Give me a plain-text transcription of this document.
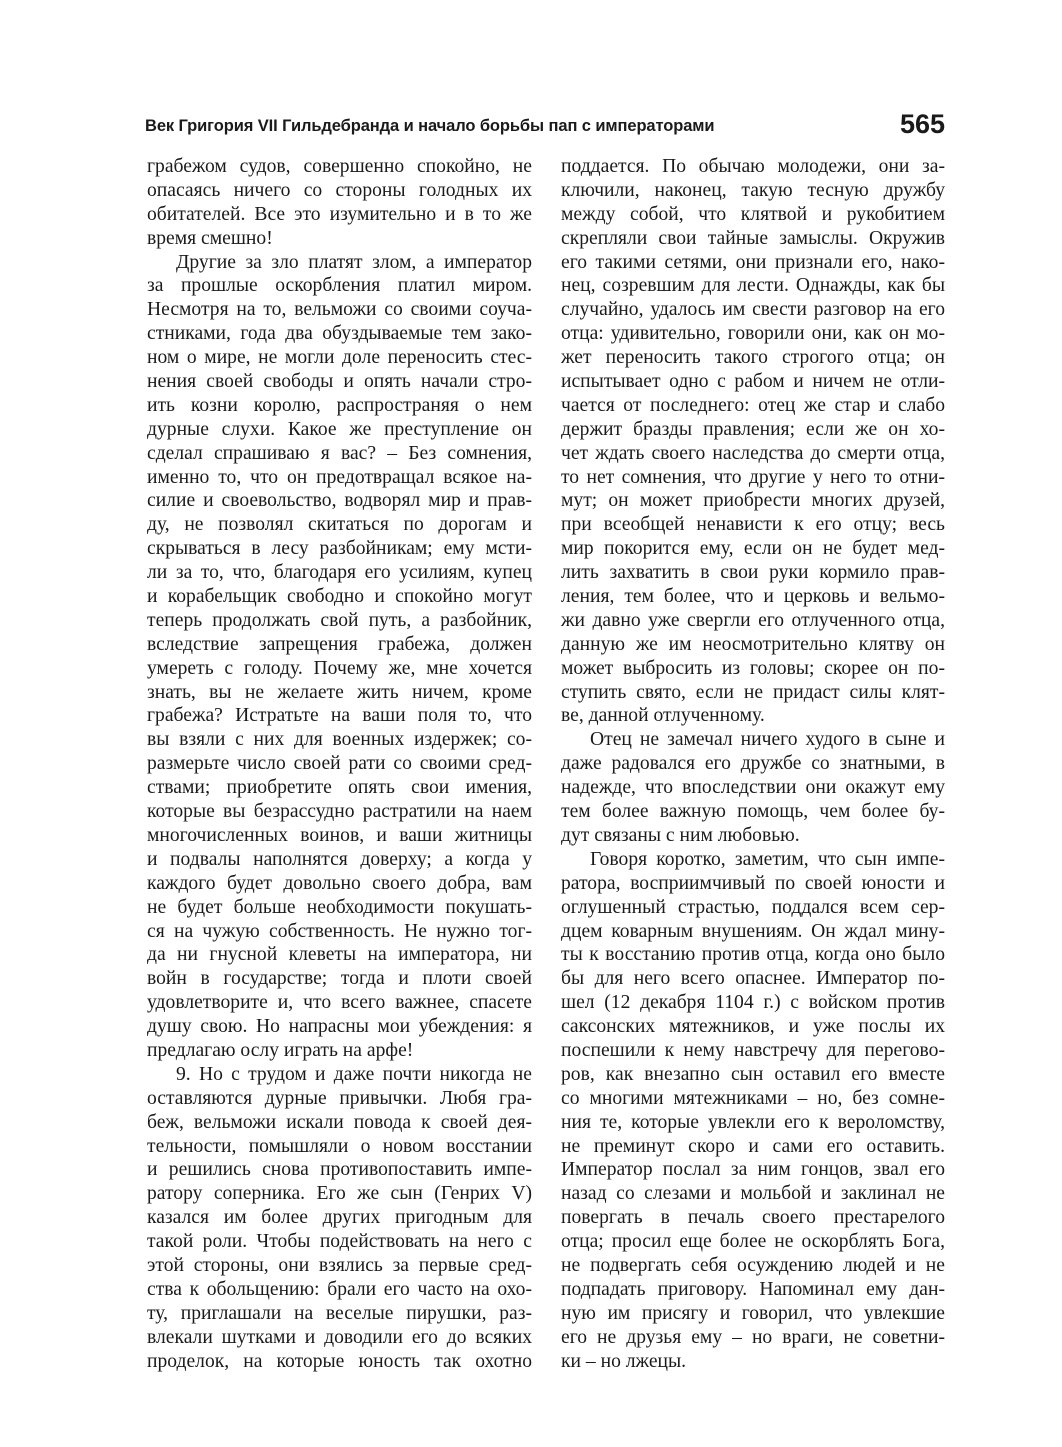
Век Григория VII Гильдебранда и начало борьбы пап с императорами	565
грабежом судов, совершенно спокойно, не
опасаясь ничего со стороны голодных их
обитателей. Все это изумительно и в то же
время смешно!
Другие за зло платят злом, а император
за прошлые оскорбления платил миром.
Несмотря на то, вельможи со своими соуча-
стниками, года два обуздываемые тем зако-
ном о мире, не могли доле переносить стес-
нения своей свободы и опять начали стро-
ить козни королю, распространяя о нем
дурные слухи. Какое же преступление он
сделал спрашиваю я вас? – Без сомнения,
именно то, что он предотвращал всякое на-
силие и своевольство, водворял мир и прав-
ду, не позволял скитаться по дорогам и
скрываться в лесу разбойникам; ему мсти-
ли за то, что, благодаря его усилиям, купец
и корабельщик свободно и спокойно могут
теперь продолжать свой путь, а разбойник,
вследствие запрещения грабежа, должен
умереть с голоду. Почему же, мне хочется
знать, вы не желаете жить ничем, кроме
грабежа? Истратьте на ваши поля то, что
вы взяли с них для военных издержек; со-
размерьте число своей рати со своими сред-
ствами; приобретите опять свои имения,
которые вы безрассудно растратили на наем
многочисленных воинов, и ваши житницы
и подвалы наполнятся доверху; а когда у
каждого будет довольно своего добра, вам
не будет больше необходимости покушать-
ся на чужую собственность. Не нужно тог-
да ни гнусной клеветы на императора, ни
войн в государстве; тогда и плоти своей
удовлетворите и, что всего важнее, спасете
душу свою. Но напрасны мои убеждения: я
предлагаю ослу играть на арфе!
9. Но с трудом и даже почти никогда не
оставляются дурные привычки. Любя гра-
беж, вельможи искали повода к своей дея-
тельности, помышляли о новом восстании
и решились снова противопоставить импе-
ратору соперника. Его же сын (Генрих V)
казался им более других пригодным для
такой роли. Чтобы подействовать на него с
этой стороны, они взялись за первые сред-
ства к обольщению: брали его часто на охо-
ту, приглашали на веселые пирушки, раз-
влекали шутками и доводили его до всяких
проделок, на которые юность так охотно
поддается. По обычаю молодежи, они за-
ключили, наконец, такую тесную дружбу
между собой, что клятвой и рукобитием
скрепляли свои тайные замыслы. Окружив
его такими сетями, они признали его, нако-
нец, созревшим для лести. Однажды, как бы
случайно, удалось им свести разговор на его
отца: удивительно, говорили они, как он мо-
жет переносить такого строгого отца; он
испытывает одно с рабом и ничем не отли-
чается от последнего: отец же стар и слабо
держит бразды правления; если же он хо-
чет ждать своего наследства до смерти отца,
то нет сомнения, что другие у него то отни-
мут; он может приобрести многих друзей,
при всеобщей ненависти к его отцу; весь
мир покорится ему, если он не будет мед-
лить захватить в свои руки кормило прав-
ления, тем более, что и церковь и вельмо-
жи давно уже свергли его отлученного отца,
данную же им неосмотрительно клятву он
может выбросить из головы; скорее он по-
ступить свято, если не придаст силы клят-
ве, данной отлученному.
Отец не замечал ничего худого в сыне и
даже радовался его дружбе со знатными, в
надежде, что впоследствии они окажут ему
тем более важную помощь, чем более бу-
дут связаны с ним любовью.
Говоря коротко, заметим, что сын импе-
ратора, восприимчивый по своей юности и
оглушенный страстью, поддался всем сер-
дцем коварным внушениям. Он ждал мину-
ты к восстанию против отца, когда оно было
бы для него всего опаснее. Император по-
шел (12 декабря 1104 г.) с войском против
саксонских мятежников, и уже послы их
поспешили к нему навстречу для перегово-
ров, как внезапно сын оставил его вместе
со многими мятежниками – но, без сомне-
ния те, которые увлекли его к вероломству,
не преминут скоро и сами его оставить.
Император послал за ним гонцов, звал его
назад со слезами и мольбой и заклинал не
повергать в печаль своего престарелого
отца; просил еще более не оскорблять Бога,
не подвергать себя осуждению людей и не
подпадать приговору. Напоминал ему дан-
ную им присягу и говорил, что увлекшие
его не друзья ему – но враги, не советни-
ки – но лжецы.
